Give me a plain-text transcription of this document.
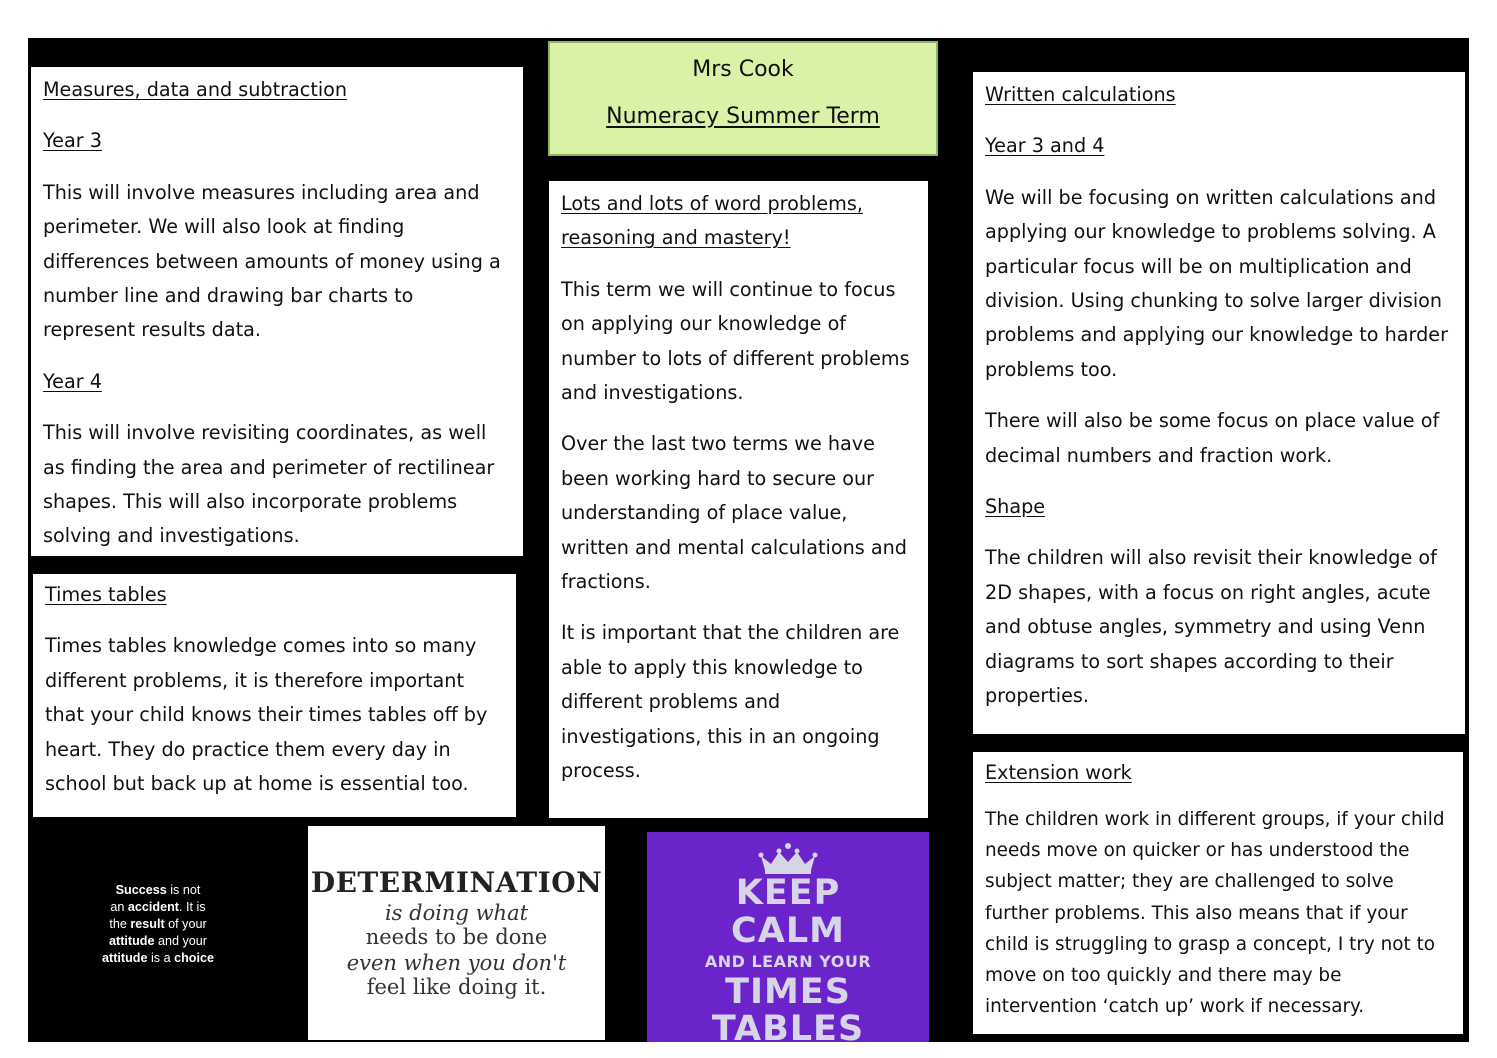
Mrs Cook
Numeracy Summer Term

Measures, data and subtraction

Year 3

This will involve measures including area and perimeter. We will also look at finding differences between amounts of money using a number line and drawing bar charts to represent results data.

Year 4

This will involve revisiting coordinates, as well as finding the area and perimeter of rectilinear shapes. This will also incorporate problems solving and investigations.

Times tables

Times tables knowledge comes into so many different problems, it is therefore important that your child knows their times tables off by heart. They do practice them every day in school but back up at home is essential too.

Lots and lots of word problems, reasoning and mastery!

This term we will continue to focus on applying our knowledge of number to lots of different problems and investigations.

Over the last two terms we have been working hard to secure our understanding of place value, written and mental calculations and fractions.

It is important that the children are able to apply this knowledge to different problems and investigations, this in an ongoing process.

Written calculations

Year 3 and 4

We will be focusing on written calculations and applying our knowledge to problems solving. A particular focus will be on multiplication and division. Using chunking to solve larger division problems and applying our knowledge to harder problems too.

There will also be some focus on place value of decimal numbers and fraction work.

Shape

The children will also revisit their knowledge of 2D shapes, with a focus on right angles, acute and obtuse angles, symmetry and using Venn diagrams to sort shapes according to their properties.

Extension work

The children work in different groups, if your child needs move on quicker or has understood the subject matter; they are challenged to solve further problems. This also means that if your child is struggling to grasp a concept, I try not to move on too quickly and there may be intervention ‘catch up’ work if necessary.

Success is not
an accident. It is
the result of your
attitude and your
attitude is a choice
DETERMINATION
is doing what
needs to be done
even when you don't
feel like doing it.
KEEP
CALM
AND LEARN YOUR
TIMES
TABLES
